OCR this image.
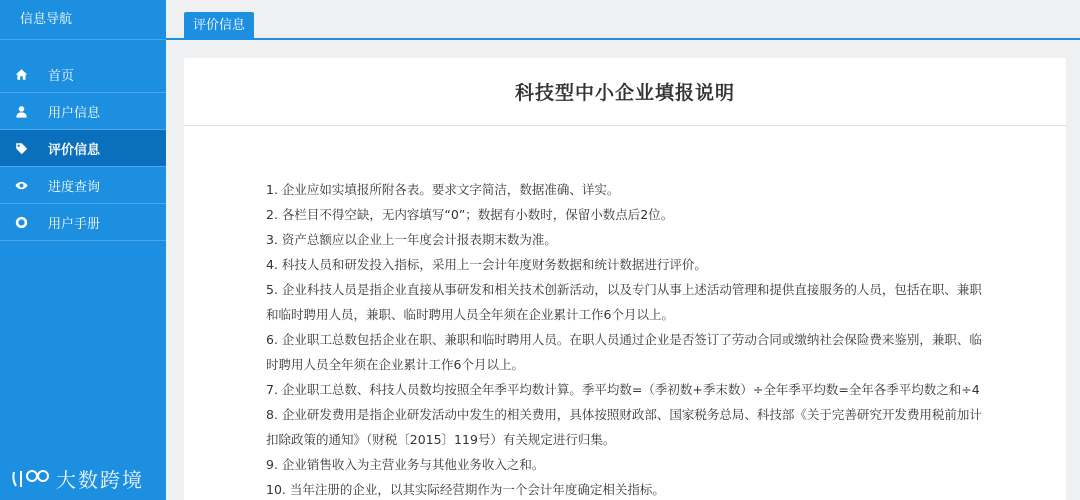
信息导航
首页
用户信息
评价信息
进度查询
用户手册
大数跨境
评价信息
科技型中小企业填报说明
1. 企业应如实填报所附各表。要求文字简洁，数据准确、详实。
2. 各栏目不得空缺，无内容填写“0”；数据有小数时，保留小数点后2位。
3. 资产总额应以企业上一年度会计报表期末数为准。
4. 科技人员和研发投入指标，采用上一会计年度财务数据和统计数据进行评价。
5. 企业科技人员是指企业直接从事研发和相关技术创新活动，以及专门从事上述活动管理和提供直接服务的人员，包括在职、兼职和临时聘用人员，兼职、临时聘用人员全年须在企业累计工作6个月以上。
6. 企业职工总数包括企业在职、兼职和临时聘用人员。在职人员通过企业是否签订了劳动合同或缴纳社会保险费来鉴别，兼职、临时聘用人员全年须在企业累计工作6个月以上。
7. 企业职工总数、科技人员数均按照全年季平均数计算。季平均数=（季初数+季末数）÷全年季平均数=全年各季平均数之和÷4
8. 企业研发费用是指企业研发活动中发生的相关费用，具体按照财政部、国家税务总局、科技部《关于完善研究开发费用税前加计扣除政策的通知》（财税〔2015〕119号）有关规定进行归集。
9. 企业销售收入为主营业务与其他业务收入之和。
10. 当年注册的企业，以其实际经营期作为一个会计年度确定相关指标。
